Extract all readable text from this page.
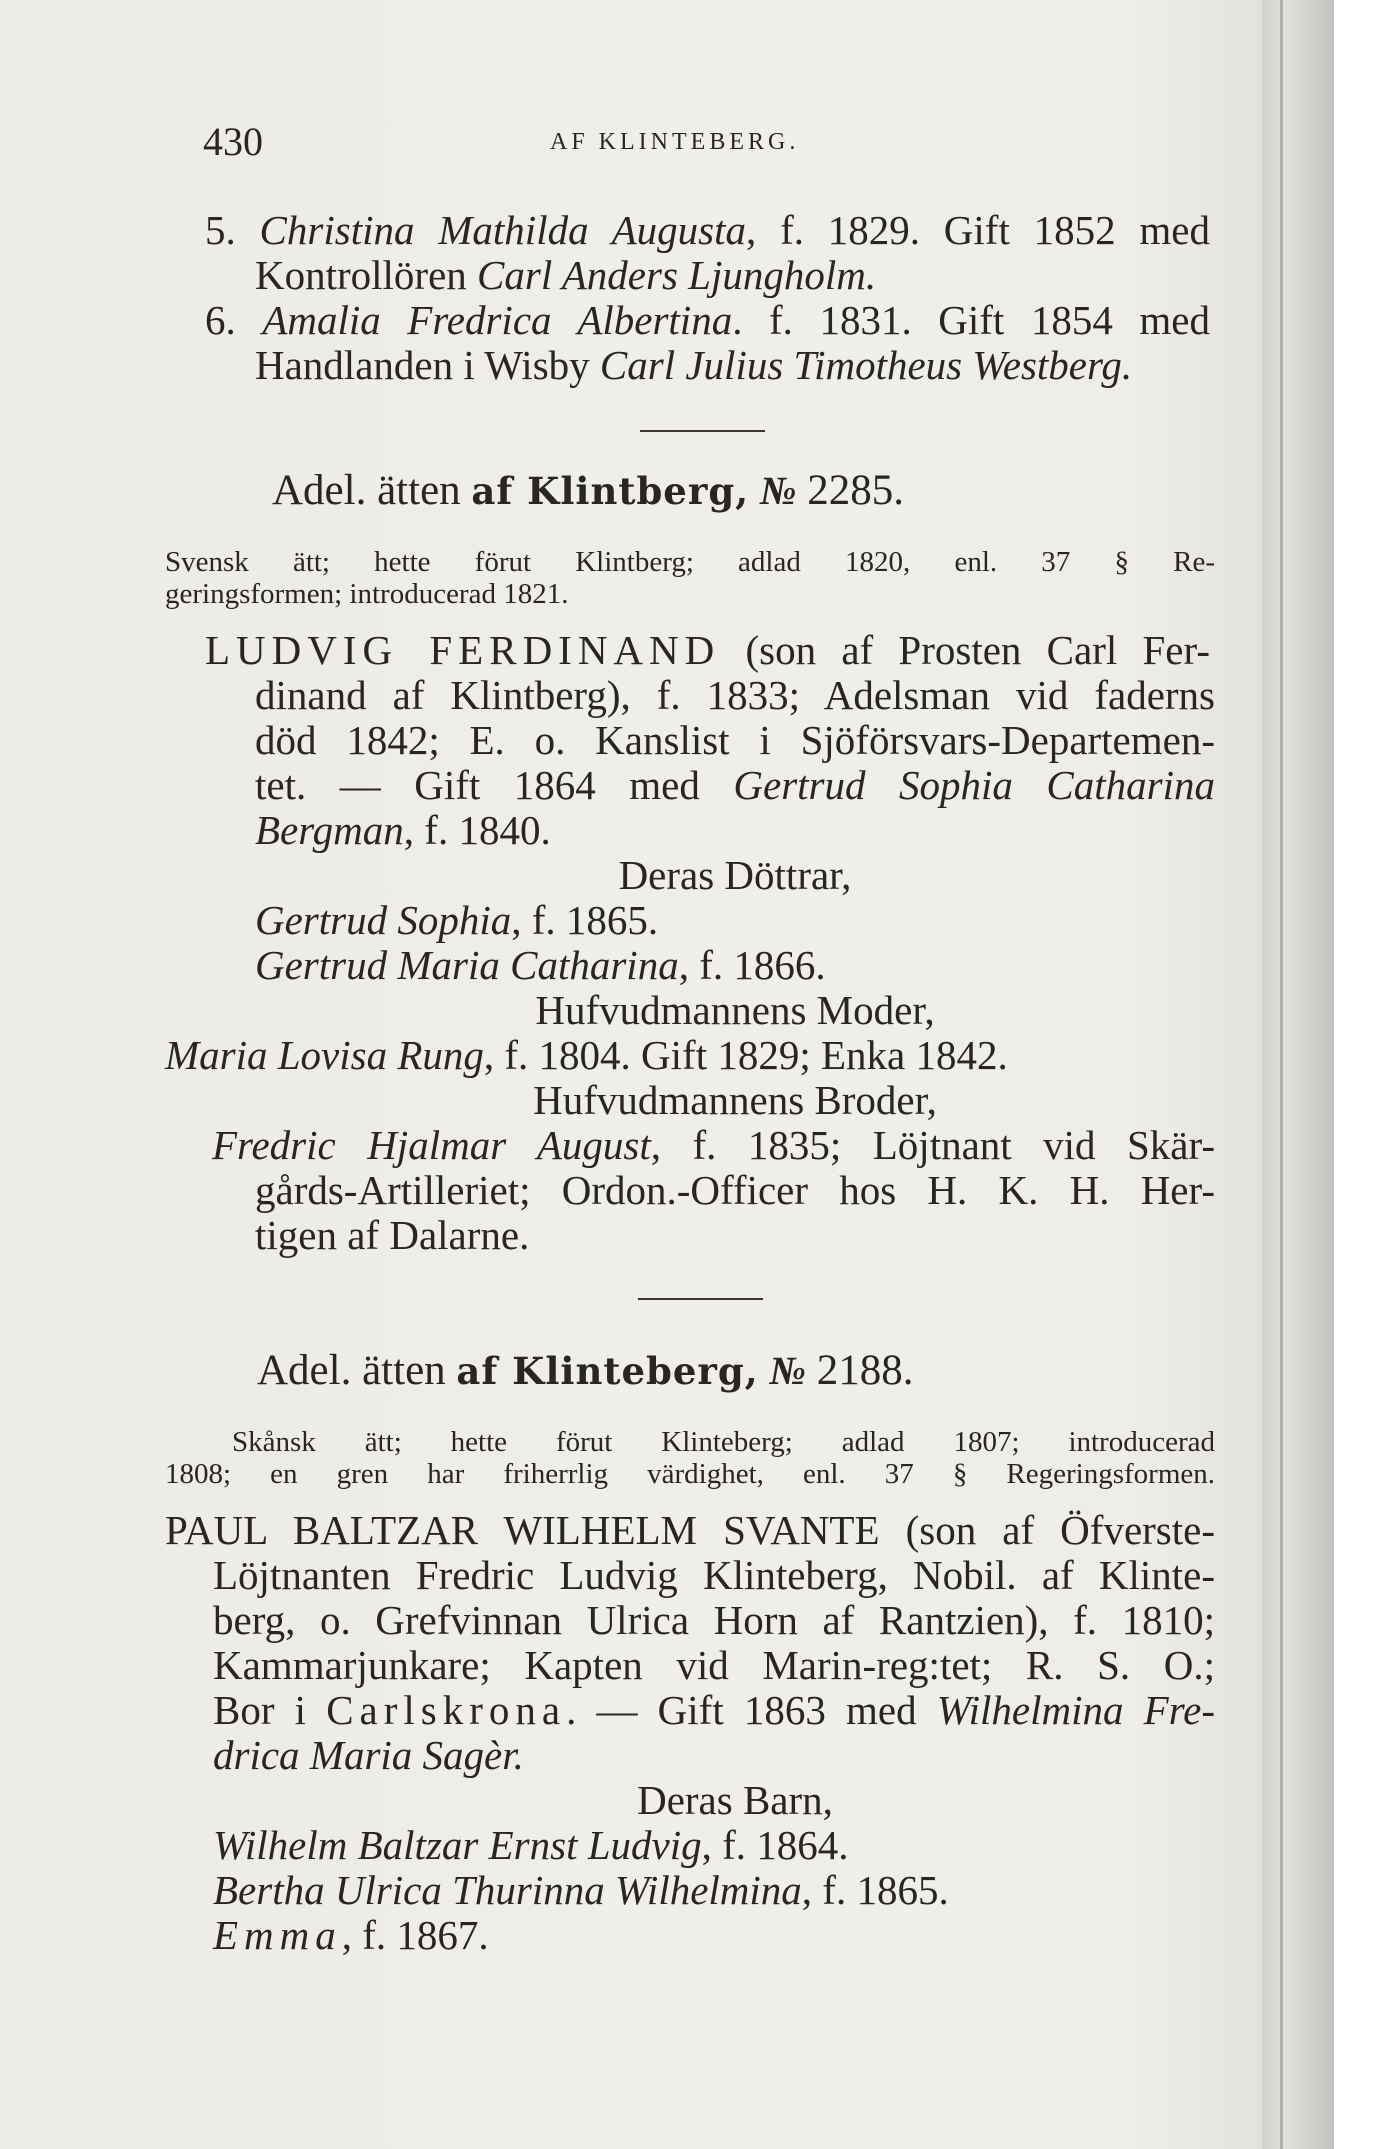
430	AF KLINTEBERG.
5. Christina Mathilda Augusta, f. 1829. Gift 1852 med
Kontrollören Carl Anders Ljungholm.
6. Amalia Fredrica Albertina. f. 1831. Gift 1854 med
Handlanden i Wisby Carl Julius Timotheus Westberg.
Adel. ätten af Klintberg, № 2285.
Svensk ätt; hette förut Klintberg; adlad 1820, enl. 37 § Re-
geringsformen; introducerad 1821.
LUDVIG FERDINAND (son af Prosten Carl Fer-
dinand af Klintberg), f. 1833; Adelsman vid faderns
död 1842; E. o. Kanslist i Sjöförsvars-Departemen-
tet. — Gift 1864 med Gertrud Sophia Catharina
Bergman, f. 1840.
Deras Döttrar,
Gertrud Sophia, f. 1865.
Gertrud Maria Catharina, f. 1866.
Hufvudmannens Moder,
Maria Lovisa Rung, f. 1804. Gift 1829; Enka 1842.
Hufvudmannens Broder,
Fredric Hjalmar August, f. 1835; Löjtnant vid Skär-
gårds-Artilleriet; Ordon.-Officer hos H. K. H. Her-
tigen af Dalarne.
Adel. ätten af Klinteberg, № 2188.
Skånsk ätt; hette förut Klinteberg; adlad 1807; introducerad
1808; en gren har friherrlig värdighet, enl. 37 § Regeringsformen.
PAUL BALTZAR WILHELM SVANTE (son af Öfverste-
Löjtnanten Fredric Ludvig Klinteberg, Nobil. af Klinte-
berg, o. Grefvinnan Ulrica Horn af Rantzien), f. 1810;
Kammarjunkare; Kapten vid Marin-reg:tet; R. S. O.;
Bor i Carlskrona. — Gift 1863 med Wilhelmina Fre-
drica Maria Sagèr.
Deras Barn,
Wilhelm Baltzar Ernst Ludvig, f. 1864.
Bertha Ulrica Thurinna Wilhelmina, f. 1865.
Emma, f. 1867.
